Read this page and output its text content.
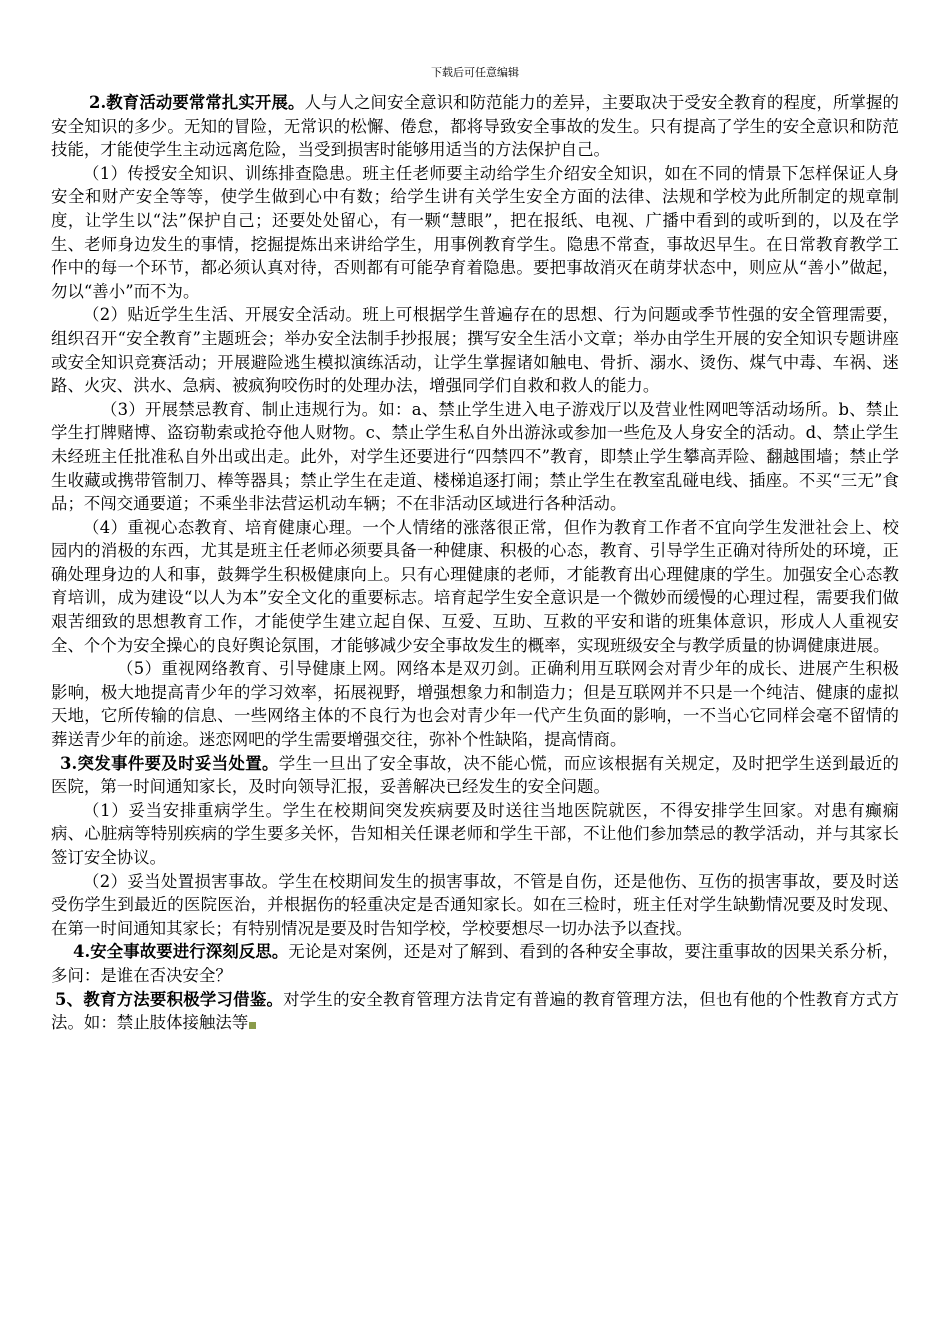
下载后可任意编辑

2.教育活动要常常扎实开展。人与人之间安全意识和防范能力的差异，主要取决于受安全教育的程度，所掌握的安全知识的多少。无知的冒险，无常识的松懈、倦怠，都将导致安全事故的发生。只有提高了学生的安全意识和防范技能，才能使学生主动远离危险，当受到损害时能够用适当的方法保护自己。

（1）传授安全知识、训练排查隐患。班主任老师要主动给学生介绍安全知识，如在不同的情景下怎样保证人身安全和财产安全等等，使学生做到心中有数；给学生讲有关学生安全方面的法律、法规和学校为此所制定的规章制度，让学生以“法”保护自己；还要处处留心，有一颗“慧眼”，把在报纸、电视、广播中看到的或听到的，以及在学生、老师身边发生的事情，挖掘提炼出来讲给学生，用事例教育学生。隐患不常查，事故迟早生。在日常教育教学工作中的每一个环节，都必须认真对待，否则都有可能孕育着隐患。要把事故消灭在萌芽状态中，则应从“善小”做起，勿以“善小”而不为。

（2）贴近学生生活、开展安全活动。班上可根据学生普遍存在的思想、行为问题或季节性强的安全管理需要，组织召开“安全教育”主题班会；举办安全法制手抄报展；撰写安全生活小文章；举办由学生开展的安全知识专题讲座或安全知识竞赛活动；开展避险逃生模拟演练活动，让学生掌握诸如触电、骨折、溺水、烫伤、煤气中毒、车祸、迷路、火灾、洪水、急病、被疯狗咬伤时的处理办法，增强同学们自救和救人的能力。

（3）开展禁忌教育、制止违规行为。如：a、禁止学生进入电子游戏厅以及营业性网吧等活动场所。b、禁止学生打牌赌博、盗窃勒索或抢夺他人财物。c、禁止学生私自外出游泳或参加一些危及人身安全的活动。d、禁止学生未经班主任批准私自外出或出走。此外，对学生还要进行“四禁四不”教育，即禁止学生攀高弄险、翻越围墙；禁止学生收藏或携带管制刀、棒等器具；禁止学生在走道、楼梯追逐打闹；禁止学生在教室乱碰电线、插座。不买“三无”食品；不闯交通要道；不乘坐非法营运机动车辆；不在非活动区域进行各种活动。

（4）重视心态教育、培育健康心理。一个人情绪的涨落很正常，但作为教育工作者不宜向学生发泄社会上、校园内的消极的东西，尤其是班主任老师必须要具备一种健康、积极的心态，教育、引导学生正确对待所处的环境，正确处理身边的人和事，鼓舞学生积极健康向上。只有心理健康的老师，才能教育出心理健康的学生。加强安全心态教育培训，成为建设“以人为本”安全文化的重要标志。培育起学生安全意识是一个微妙而缓慢的心理过程，需要我们做艰苦细致的思想教育工作，才能使学生建立起自保、互爱、互助、互救的平安和谐的班集体意识，形成人人重视安全、个个为安全操心的良好舆论氛围，才能够减少安全事故发生的概率，实现班级安全与教学质量的协调健康进展。

（5）重视网络教育、引导健康上网。网络本是双刃剑。正确利用互联网会对青少年的成长、进展产生积极影响，极大地提高青少年的学习效率，拓展视野，增强想象力和制造力；但是互联网并不只是一个纯洁、健康的虚拟天地，它所传输的信息、一些网络主体的不良行为也会对青少年一代产生负面的影响，一不当心它同样会毫不留情的葬送青少年的前途。迷恋网吧的学生需要增强交往，弥补个性缺陷，提高情商。

3.突发事件要及时妥当处置。学生一旦出了安全事故，决不能心慌，而应该根据有关规定，及时把学生送到最近的医院，第一时间通知家长，及时向领导汇报，妥善解决已经发生的安全问题。

（1）妥当安排重病学生。学生在校期间突发疾病要及时送往当地医院就医，不得安排学生回家。对患有癫痫病、心脏病等特别疾病的学生要多关怀，告知相关任课老师和学生干部，不让他们参加禁忌的教学活动，并与其家长签订安全协议。

（2）妥当处置损害事故。学生在校期间发生的损害事故，不管是自伤，还是他伤、互伤的损害事故，要及时送受伤学生到最近的医院医治，并根据伤的轻重决定是否通知家长。如在三检时，班主任对学生缺勤情况要及时发现、在第一时间通知其家长；有特别情况是要及时告知学校，学校要想尽一切办法予以查找。

4.安全事故要进行深刻反思。无论是对案例，还是对了解到、看到的各种安全事故，要注重事故的因果关系分析，多问：是谁在否决安全？

5、教育方法要积极学习借鉴。对学生的安全教育管理方法肯定有普遍的教育管理方法，但也有他的个性教育方式方法。如：禁止肢体接触法等
